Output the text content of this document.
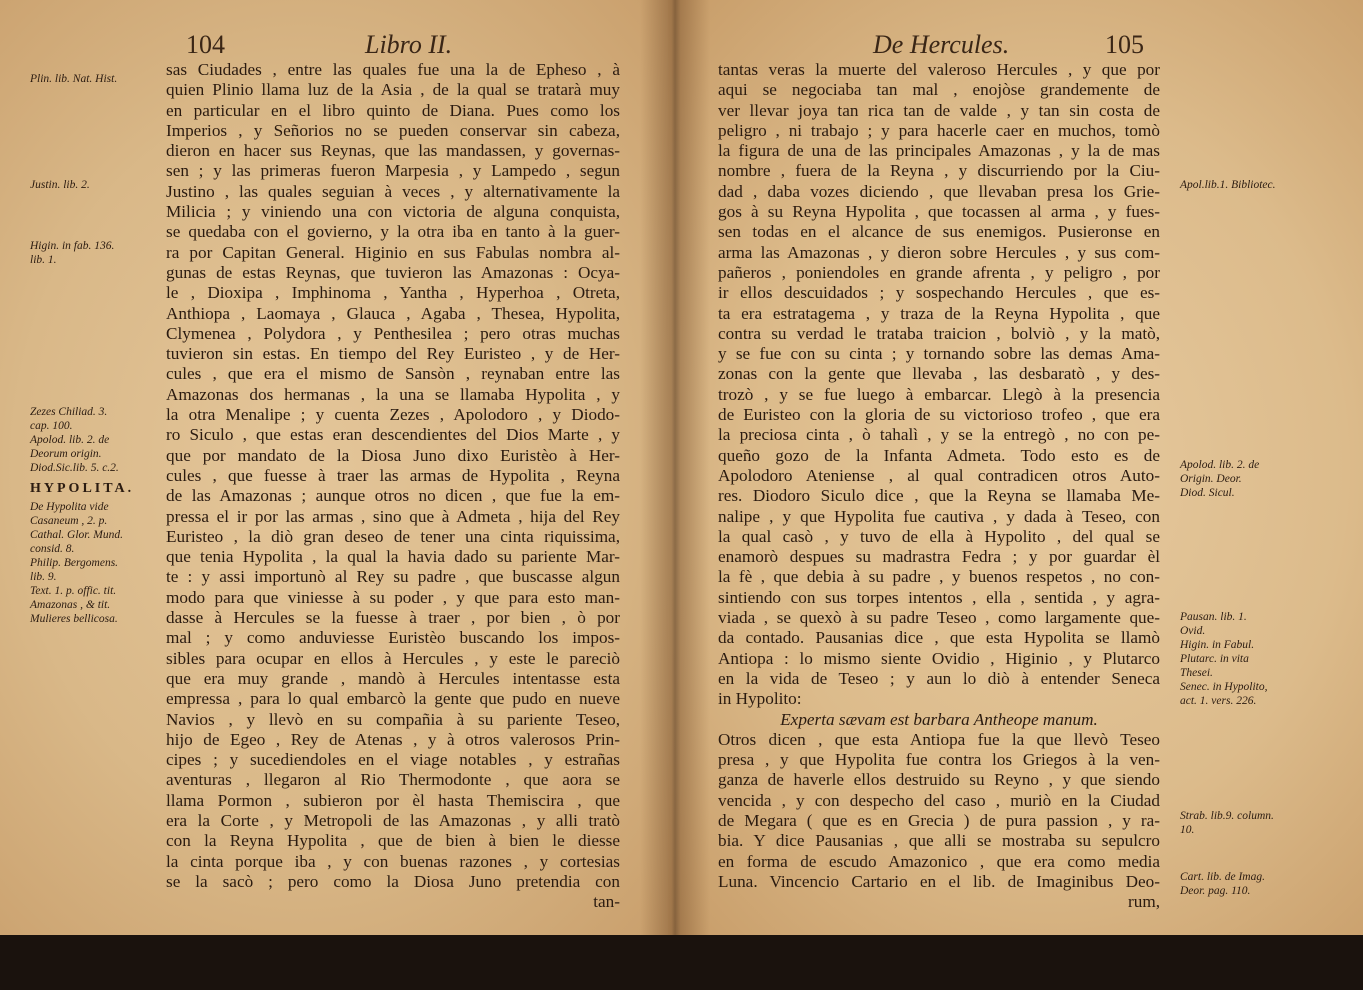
104	Libro II.
sas Ciudades , entre las quales fue una la de Epheso , à
quien Plinio llama luz de la Asia , de la qual se tratarà muy
en particular en el libro quinto de Diana. Pues como los
Imperios , y Señorios no se pueden conservar sin cabeza,
dieron en hacer sus Reynas, que las mandassen, y governas-
sen ; y las primeras fueron Marpesia , y Lampedo , segun
Justino , las quales seguian à veces , y alternativamente la
Milicia ; y viniendo una con victoria de alguna conquista,
se quedaba con el govierno, y la otra iba en tanto à la guer-
ra por Capitan General. Higinio en sus Fabulas nombra al-
gunas de estas Reynas, que tuvieron las Amazonas : Ocya-
le , Dioxipa , Imphinoma , Yantha , Hyperhoa , Otreta,
Anthiopa , Laomaya , Glauca , Agaba , Thesea, Hypolita,
Clymenea , Polydora , y Penthesilea ; pero otras muchas
tuvieron sin estas. En tiempo del Rey Euristeo , y de Her-
cules , que era el mismo de Sansòn , reynaban entre las
Amazonas dos hermanas , la una se llamaba Hypolita , y
la otra Menalipe ; y cuenta Zezes , Apolodoro , y Diodo-
ro Siculo , que estas eran descendientes del Dios Marte , y
que por mandato de la Diosa Juno dixo Euristèo à Her-
cules , que fuesse à traer las armas de Hypolita , Reyna
de las Amazonas ; aunque otros no dicen , que fue la em-
pressa el ir por las armas , sino que à Admeta , hija del Rey
Euristeo , la diò gran deseo de tener una cinta riquissima,
que tenia Hypolita , la qual la havia dado su pariente Mar-
te : y assi importunò al Rey su padre , que buscasse algun
modo para que viniesse à su poder , y que para esto man-
dasse à Hercules se la fuesse à traer , por bien , ò por
mal ; y como anduviesse Euristèo buscando los impos-
sibles para ocupar en ellos à Hercules , y este le pareciò
que era muy grande , mandò à Hercules intentasse esta
empressa , para lo qual embarcò la gente que pudo en nueve
Navios , y llevò en su compañia à su pariente Teseo,
hijo de Egeo , Rey de Atenas , y à otros valerosos Prin-
cipes ; y sucediendoles en el viage notables , y estrañas
aventuras , llegaron al Rio Thermodonte , que aora se
llama Pormon , subieron por èl hasta Themiscira , que
era la Corte , y Metropoli de las Amazonas , y alli tratò
con la Reyna Hypolita , que de bien à bien le diesse
la cinta porque iba , y con buenas razones , y cortesias
se la sacò ; pero como la Diosa Juno pretendia con
tan-
Plin. lib. Nat. Hist.
Justin. lib. 2.
Higin. in fab. 136.
lib. 1.
Zezes Chiliad. 3.
cap. 100.
Apolod. lib. 2. de
Deorum origin.
Diod.Sic.lib. 5. c.2.
HYPOLITA.
De Hypolita vide
Casaneum , 2. p.
Cathal. Glor. Mund.
consid. 8.
Philip. Bergomens.
lib. 9.
Text. 1. p. offic. tit.
Amazonas , & tit.
Mulieres bellicosa.
De Hercules.	105
tantas veras la muerte del valeroso Hercules , y que por
aqui se negociaba tan mal , enojòse grandemente de
ver llevar joya tan rica tan de valde , y tan sin costa de
peligro , ni trabajo ; y para hacerle caer en muchos, tomò
la figura de una de las principales Amazonas , y la de mas
nombre , fuera de la Reyna , y discurriendo por la Ciu-
dad , daba vozes diciendo , que llevaban presa los Grie-
gos à su Reyna Hypolita , que tocassen al arma , y fues-
sen todas en el alcance de sus enemigos. Pusieronse en
arma las Amazonas , y dieron sobre Hercules , y sus com-
pañeros , poniendoles en grande afrenta , y peligro , por
ir ellos descuidados ; y sospechando Hercules , que es-
ta era estratagema , y traza de la Reyna Hypolita , que
contra su verdad le trataba traicion , bolviò , y la matò,
y se fue con su cinta ; y tornando sobre las demas Ama-
zonas con la gente que llevaba , las desbaratò , y des-
trozò , y se fue luego à embarcar. Llegò à la presencia
de Euristeo con la gloria de su victorioso trofeo , que era
la preciosa cinta , ò tahalì , y se la entregò , no con pe-
queño gozo de la Infanta Admeta. Todo esto es de
Apolodoro Ateniense , al qual contradicen otros Auto-
res. Diodoro Siculo dice , que la Reyna se llamaba Me-
nalipe , y que Hypolita fue cautiva , y dada à Teseo, con
la qual casò , y tuvo de ella à Hypolito , del qual se
enamorò despues su madrastra Fedra ; y por guardar èl
la fè , que debia à su padre , y buenos respetos , no con-
sintiendo con sus torpes intentos , ella , sentida , y agra-
viada , se quexò à su padre Teseo , como largamente que-
da contado. Pausanias dice , que esta Hypolita se llamò
Antiopa : lo mismo siente Ovidio , Higinio , y Plutarco
en la vida de Teseo ; y aun lo diò à entender Seneca
in Hypolito:
Experta sævam est barbara Antheope manum.
Otros dicen , que esta Antiopa fue la que llevò Teseo
presa , y que Hypolita fue contra los Griegos à la ven-
ganza de haverle ellos destruido su Reyno , y que siendo
vencida , y con despecho del caso , muriò en la Ciudad
de Megara ( que es en Grecia ) de pura passion , y ra-
bia. Y dice Pausanias , que alli se mostraba su sepulcro
en forma de escudo Amazonico , que era como media
Luna. Vincencio Cartario en el lib. de Imaginibus Deo-
rum,
Apol.lib.1. Bibliotec.
Apolod. lib. 2. de
Origin. Deor.
Diod. Sicul.
Pausan. lib. 1.
Ovid.
Higin. in Fabul.
Plutarc. in vita
Thesei.
Senec. in Hypolito,
act. 1. vers. 226.
Strab. lib.9. column.
10.
Cart. lib. de Imag.
Deor. pag. 110.
